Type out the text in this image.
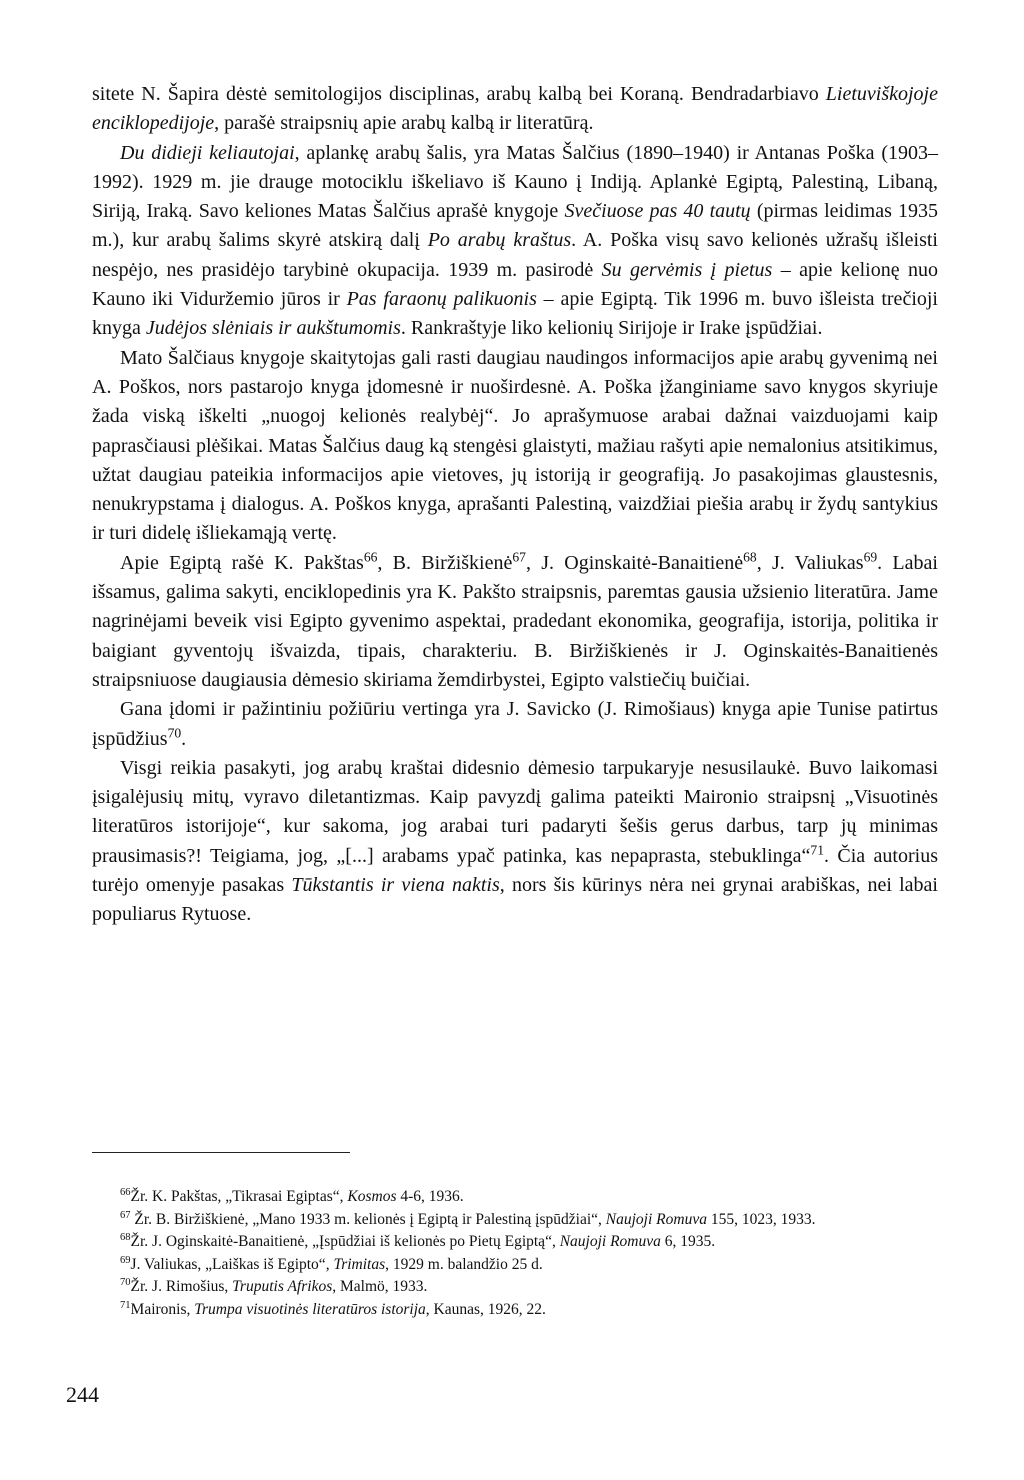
sitete N. Šapira dėstė semitologijos disciplinas, arabų kalbą bei Koraną. Bendradarbiavo Lietuviškojoje enciklopedijoje, parašė straipsnių apie arabų kalbą ir literatūrą.

Du didieji keliautojai, aplankę arabų šalis, yra Matas Šalčius (1890–1940) ir Antanas Poška (1903–1992). 1929 m. jie drauge motociklu iškeliavo iš Kauno į Indiją. Aplankė Egiptą, Palestiną, Libaną, Siriją, Iraką. Savo keliones Matas Šalčius aprašė knygoje Svečiuose pas 40 tautų (pirmas leidimas 1935 m.), kur arabų šalims skyrė atskirą dalį Po arabų kraštus. A. Poška visų savo kelionės užrašų išleisti nespėjo, nes prasidėjo tarybinė okupacija. 1939 m. pasirodė Su gervėmis į pietus – apie kelionę nuo Kauno iki Viduržemio jūros ir Pas faraonų palikuonis – apie Egiptą. Tik 1996 m. buvo išleista trečioji knyga Judėjos slėniais ir aukštumomis. Rankraštyje liko kelionių Sirijoje ir Irake įspūdžiai.

Mato Šalčiaus knygoje skaitytojas gali rasti daugiau naudingos informacijos apie arabų gyvenimą nei A. Poškos, nors pastarojo knyga įdomesnė ir nuoširdesnė. A. Poška įžanginiame savo knygos skyriuje žada viską iškelti „nuogoj kelionės realybėj“. Jo aprašymuose arabai dažnai vaizduojami kaip paprasčiausi plėšikai. Matas Šalčius daug ką stengėsi glaistyti, mažiau rašyti apie nemalonius atsitikimus, užtat daugiau pateikia informacijos apie vietoves, jų istoriją ir geografiją. Jo pasakojimas glaustesnis, nenukrypstama į dialogus. A. Poškos knyga, aprašanti Palestiną, vaizdžiai piešia arabų ir žydų santykius ir turi didelę išliekamąją vertę.

Apie Egiptą rašė K. Pakštas$^{66}$, B. Biržiškienė$^{67}$, J. Oginskaitė-Banaitienė$^{68}$, J. Valiukas$^{69}$. Labai išsamus, galima sakyti, enciklopedinis yra K. Pakšto straipsnis, paremtas gausia užsienio literatūra. Jame nagrinėjami beveik visi Egipto gyvenimo aspektai, pradedant ekonomika, geografija, istorija, politika ir baigiant gyventojų išvaizda, tipais, charakteriu. B. Biržiškienės ir J. Oginskaitės-Banaitienės straipsniuose daugiausia dėmesio skiriama žemdirbystei, Egipto valstiečių buičiai.

Gana įdomi ir pažintiniu požiūriu vertinga yra J. Savicko (J. Rimošiaus) knyga apie Tunise patirtus įspūdžius$^{70}$.

Visgi reikia pasakyti, jog arabų kraštai didesnio dėmesio tarpukaryje nesusilaukė. Buvo laikomasi įsigalėjusių mitų, vyravo diletantizmas. Kaip pavyzdį galima pateikti Maironio straipsnį „Visuotinės literatūros istorijoje“, kur sakoma, jog arabai turi padaryti šešis gerus darbus, tarp jų minimas prausimasis?! Teigiama, jog, „[...] arabams ypač patinka, kas nepaprasta, stebuklinga“$^{71}$. Čia autorius turėjo omenyje pasakas Tūkstantis ir viena naktis, nors šis kūrinys nėra nei grynai arabiškas, nei labai populiarus Rytuose.

$^{66}$Žr. K. Pakštas, „Tikrasai Egiptas“, Kosmos 4-6, 1936.

$^{67}$ Žr. B. Biržiškienė, „Mano 1933 m. kelionės į Egiptą ir Palestiną įspūdžiai“, Naujoji Romuva 155, 1023, 1933.

$^{68}$Žr. J. Oginskaitė-Banaitienė, „Įspūdžiai iš kelionės po Pietų Egiptą“, Naujoji Romuva 6, 1935.

$^{69}$J. Valiukas, „Laiškas iš Egipto“, Trimitas, 1929 m. balandžio 25 d.

$^{70}$Žr. J. Rimošius, Truputis Afrikos, Malmö, 1933.

$^{71}$Maironis, Trumpa visuotinės literatūros istorija, Kaunas, 1926, 22.

244
